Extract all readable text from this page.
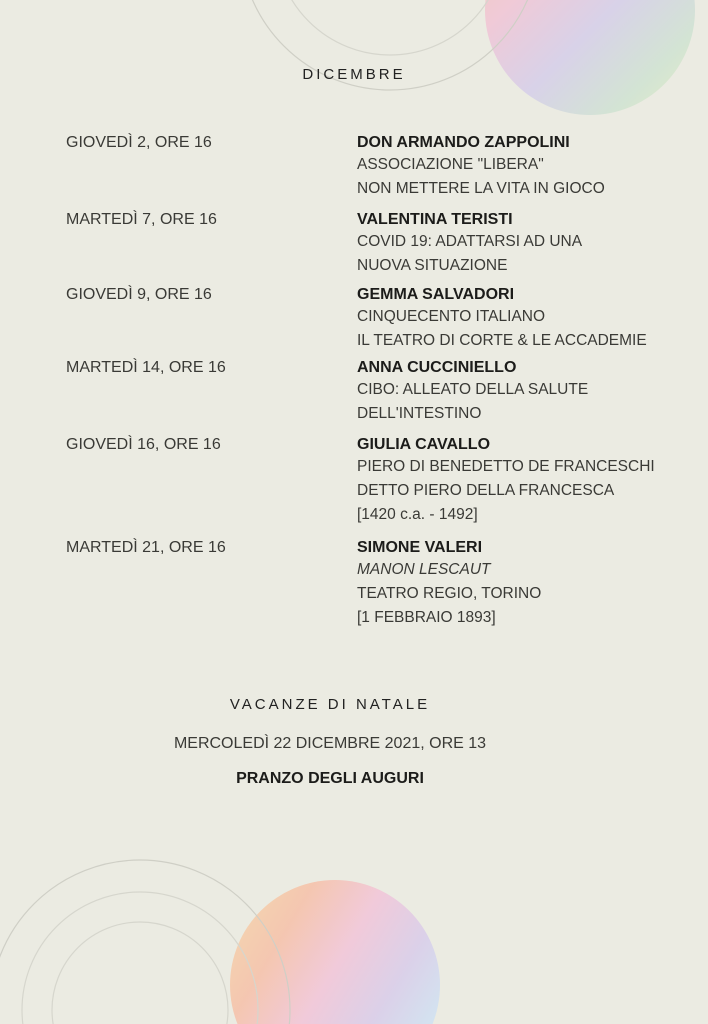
DICEMBRE
GIOVEDÌ 2, ORE 16	DON ARMANDO ZAPPOLINI
ASSOCIAZIONE "LIBERA"
NON METTERE LA VITA IN GIOCO
MARTEDÌ 7, ORE 16	VALENTINA TERISTI
COVID 19: ADATTARSI AD UNA
NUOVA SITUAZIONE
GIOVEDÌ 9, ORE 16	GEMMA SALVADORI
CINQUECENTO ITALIANO
IL TEATRO DI CORTE & LE ACCADEMIE
MARTEDÌ 14, ORE 16	ANNA CUCCINIELLO
CIBO: ALLEATO DELLA SALUTE
DELL'INTESTINO
GIOVEDÌ 16, ORE 16	GIULIA CAVALLO
PIERO DI BENEDETTO DE FRANCESCHI
DETTO PIERO DELLA FRANCESCA
[1420 c.a. - 1492]
MARTEDÌ 21, ORE 16	SIMONE VALERI
MANON LESCAUT
TEATRO REGIO, TORINO
[1 FEBBRAIO 1893]
VACANZE DI NATALE
MERCOLEDÌ 22 DICEMBRE 2021, ORE 13
PRANZO DEGLI AUGURI
